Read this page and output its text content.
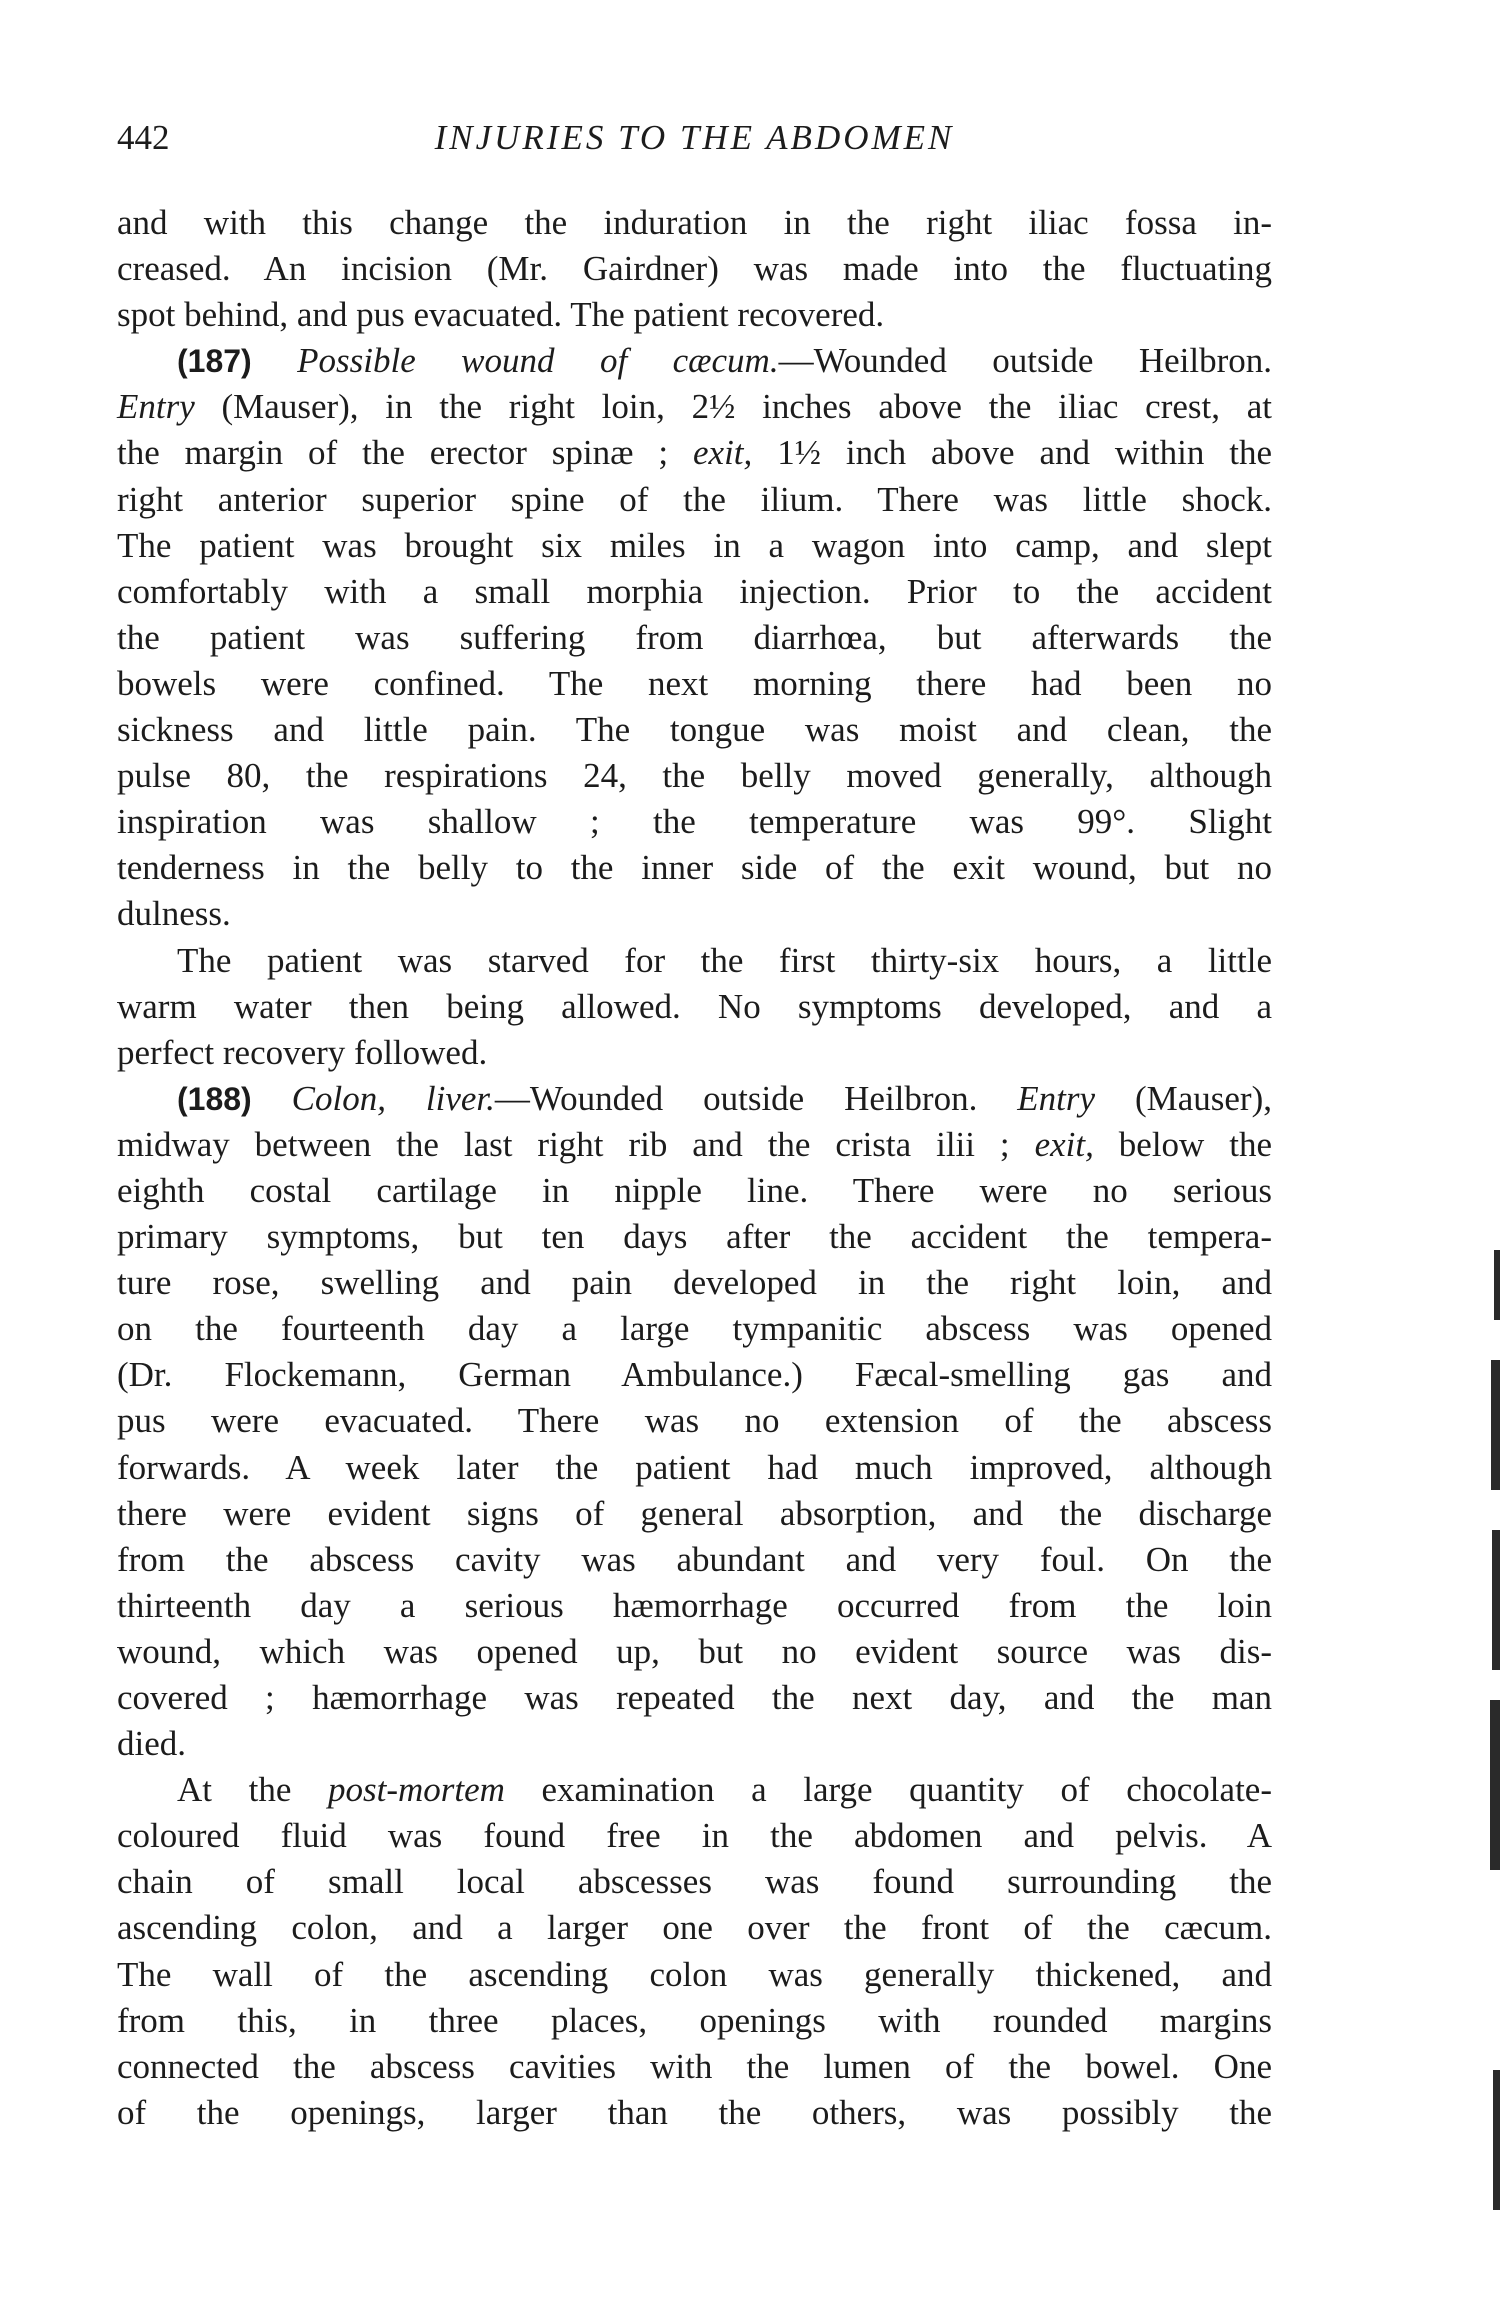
442	INJURIES TO THE ABDOMEN
and with this change the induration in the right iliac fossa in-
creased. An incision (Mr. Gairdner) was made into the fluctuating
spot behind, and pus evacuated. The patient recovered.
(187) Possible wound of cæcum.—Wounded outside Heilbron.
Entry (Mauser), in the right loin, 2½ inches above the iliac crest, at
the margin of the erector spinæ ; exit, 1½ inch above and within the
right anterior superior spine of the ilium. There was little shock.
The patient was brought six miles in a wagon into camp, and slept
comfortably with a small morphia injection. Prior to the accident
the patient was suffering from diarrhœa, but afterwards the
bowels were confined. The next morning there had been no
sickness and little pain. The tongue was moist and clean, the
pulse 80, the respirations 24, the belly moved generally, although
inspiration was shallow ; the temperature was 99°. Slight
tenderness in the belly to the inner side of the exit wound, but no
dulness.
The patient was starved for the first thirty-six hours, a little
warm water then being allowed. No symptoms developed, and a
perfect recovery followed.
(188) Colon, liver.—Wounded outside Heilbron. Entry (Mauser),
midway between the last right rib and the crista ilii ; exit, below the
eighth costal cartilage in nipple line. There were no serious
primary symptoms, but ten days after the accident the tempera-
ture rose, swelling and pain developed in the right loin, and
on the fourteenth day a large tympanitic abscess was opened
(Dr. Flockemann, German Ambulance.) Fæcal-smelling gas and
pus were evacuated. There was no extension of the abscess
forwards. A week later the patient had much improved, although
there were evident signs of general absorption, and the discharge
from the abscess cavity was abundant and very foul. On the
thirteenth day a serious hæmorrhage occurred from the loin
wound, which was opened up, but no evident source was dis-
covered ; hæmorrhage was repeated the next day, and the man
died.
At the post-mortem examination a large quantity of chocolate-
coloured fluid was found free in the abdomen and pelvis. A
chain of small local abscesses was found surrounding the
ascending colon, and a larger one over the front of the cæcum.
The wall of the ascending colon was generally thickened, and
from this, in three places, openings with rounded margins
connected the abscess cavities with the lumen of the bowel. One
of the openings, larger than the others, was possibly the
